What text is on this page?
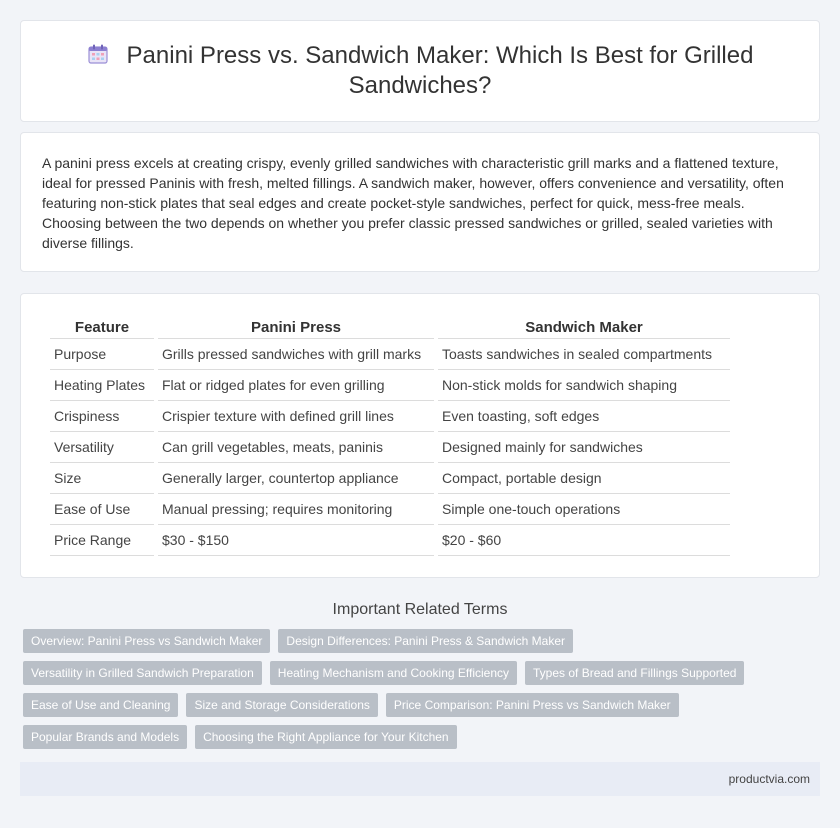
Panini Press vs. Sandwich Maker: Which Is Best for Grilled Sandwiches?

A panini press excels at creating crispy, evenly grilled sandwiches with characteristic grill marks and a flattened texture, ideal for pressed Paninis with fresh, melted fillings. A sandwich maker, however, offers convenience and versatility, often featuring non-stick plates that seal edges and create pocket-style sandwiches, perfect for quick, mess-free meals. Choosing between the two depends on whether you prefer classic pressed sandwiches or grilled, sealed varieties with diverse fillings.

Feature	Panini Press	Sandwich Maker
Purpose	Grills pressed sandwiches with grill marks	Toasts sandwiches in sealed compartments
Heating Plates	Flat or ridged plates for even grilling	Non-stick molds for sandwich shaping
Crispiness	Crispier texture with defined grill lines	Even toasting, soft edges
Versatility	Can grill vegetables, meats, paninis	Designed mainly for sandwiches
Size	Generally larger, countertop appliance	Compact, portable design
Ease of Use	Manual pressing; requires monitoring	Simple one-touch operations
Price Range	$30 - $150	$20 - $60
Important Related Terms
Overview: Panini Press vs Sandwich Maker	Design Differences: Panini Press & Sandwich Maker
Versatility in Grilled Sandwich Preparation	Heating Mechanism and Cooking Efficiency	Types of Bread and Fillings Supported
Ease of Use and Cleaning	Size and Storage Considerations	Price Comparison: Panini Press vs Sandwich Maker
Popular Brands and Models	Choosing the Right Appliance for Your Kitchen
productvia.com
